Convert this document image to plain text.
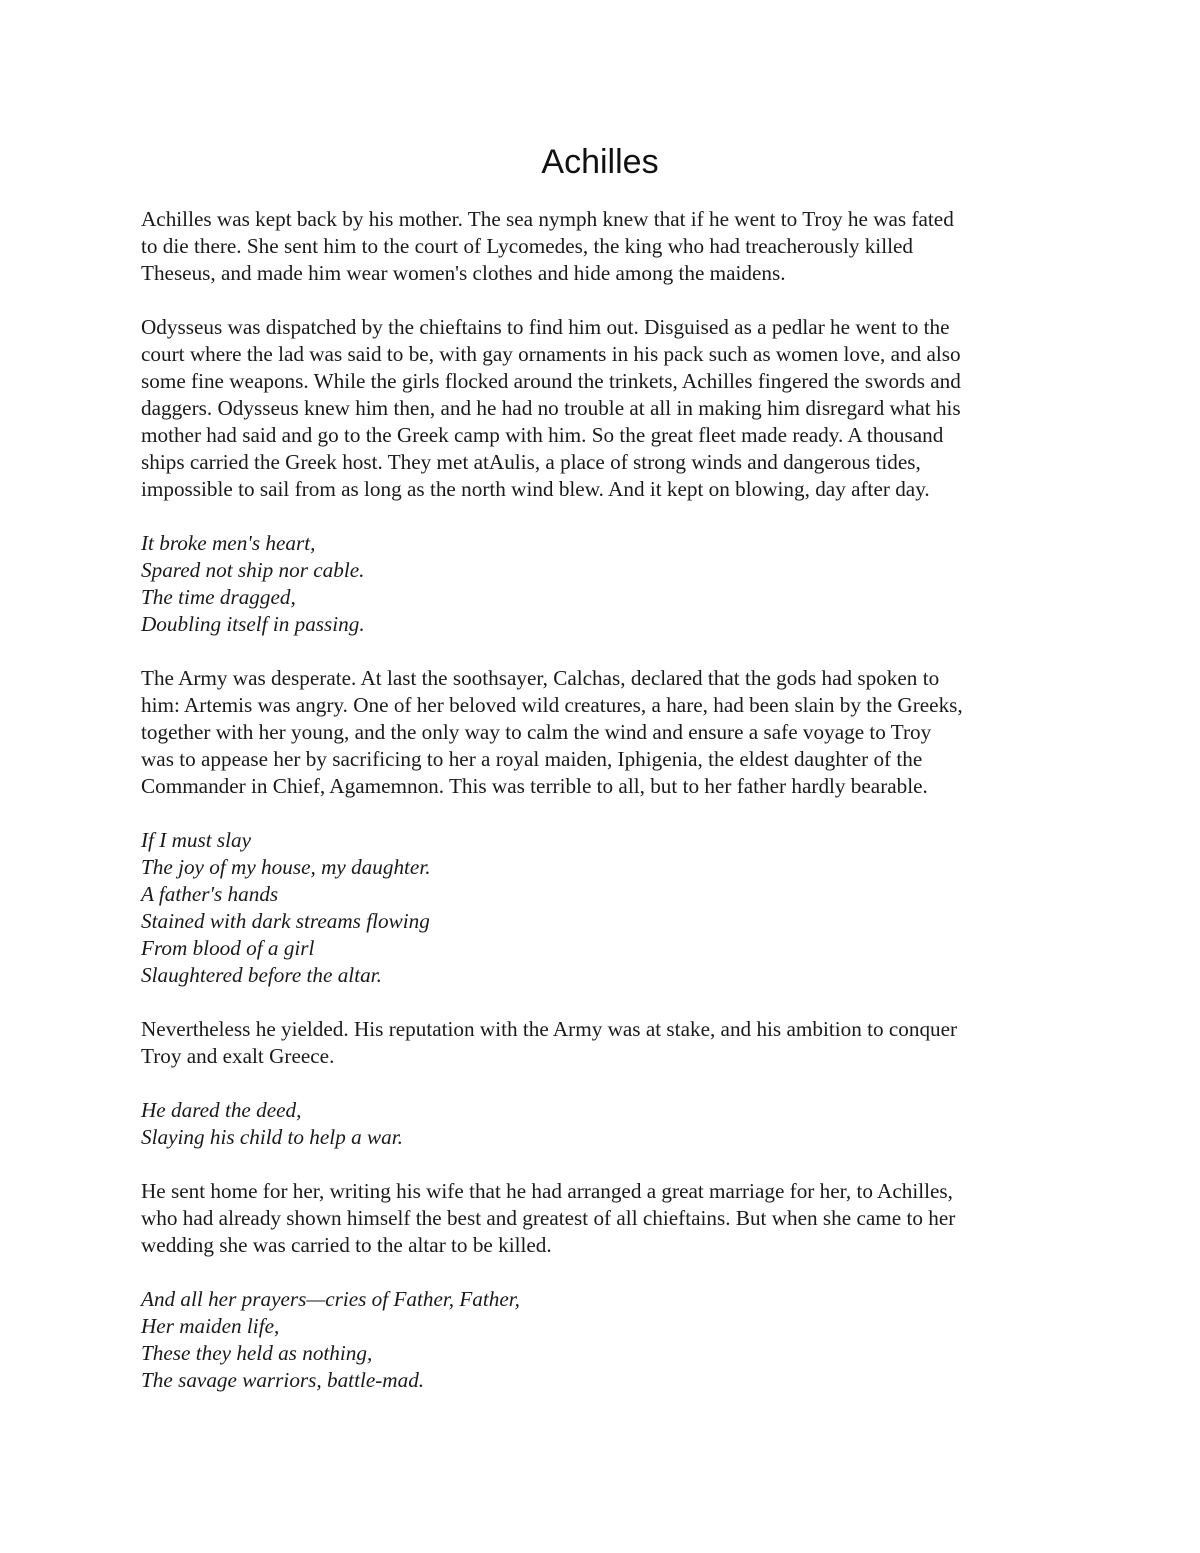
Achilles
Achilles was kept back by his mother. The sea nymph knew that if he went to Troy he was fated
to die there. She sent him to the court of Lycomedes, the king who had treacherously killed
Theseus, and made him wear women's clothes and hide among the maidens.
Odysseus was dispatched by the chieftains to find him out. Disguised as a pedlar he went to the
court where the lad was said to be, with gay ornaments in his pack such as women love, and also
some fine weapons. While the girls flocked around the trinkets, Achilles fingered the swords and
daggers. Odysseus knew him then, and he had no trouble at all in making him disregard what his
mother had said and go to the Greek camp with him. So the great fleet made ready. A thousand
ships carried the Greek host. They met atAulis, a place of strong winds and dangerous tides,
impossible to sail from as long as the north wind blew. And it kept on blowing, day after day.
It broke men's heart,
Spared not ship nor cable.
The time dragged,
Doubling itself in passing.
The Army was desperate. At last the soothsayer, Calchas, declared that the gods had spoken to
him: Artemis was angry. One of her beloved wild creatures, a hare, had been slain by the Greeks,
together with her young, and the only way to calm the wind and ensure a safe voyage to Troy
was to appease her by sacrificing to her a royal maiden, Iphigenia, the eldest daughter of the
Commander in Chief, Agamemnon. This was terrible to all, but to her father hardly bearable.
If I must slay
The joy of my house, my daughter.
A father's hands
Stained with dark streams flowing
From blood of a girl
Slaughtered before the altar.
Nevertheless he yielded. His reputation with the Army was at stake, and his ambition to conquer
Troy and exalt Greece.
He dared the deed,
Slaying his child to help a war.
He sent home for her, writing his wife that he had arranged a great marriage for her, to Achilles,
who had already shown himself the best and greatest of all chieftains. But when she came to her
wedding she was carried to the altar to be killed.
And all her prayers—cries of Father, Father,
Her maiden life,
These they held as nothing,
The savage warriors, battle-mad.
